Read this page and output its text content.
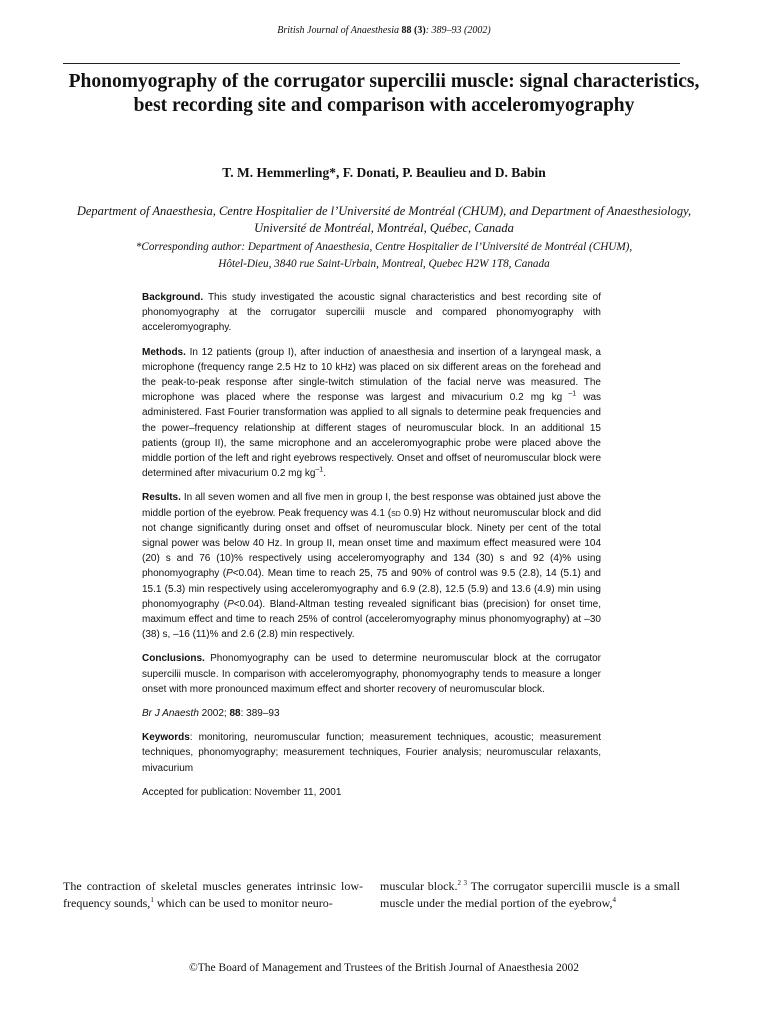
British Journal of Anaesthesia 88 (3): 389–93 (2002)
Phonomyography of the corrugator supercilii muscle: signal characteristics, best recording site and comparison with acceleromyography
T. M. Hemmerling*, F. Donati, P. Beaulieu and D. Babin
Department of Anaesthesia, Centre Hospitalier de l’Université de Montréal (CHUM), and Department of Anaesthesiology, Université de Montréal, Montréal, Québec, Canada
*Corresponding author: Department of Anaesthesia, Centre Hospitalier de l’Université de Montréal (CHUM),
Hôtel-Dieu, 3840 rue Saint-Urbain, Montreal, Quebec H2W 1T8, Canada

Background. This study investigated the acoustic signal characteristics and best recording site of phonomyography at the corrugator supercilii muscle and compared phonomyography with acceleromyography.

Methods. In 12 patients (group I), after induction of anaesthesia and insertion of a laryngeal mask, a microphone (frequency range 2.5 Hz to 10 kHz) was placed on six different areas on the forehead and the peak-to-peak response after single-twitch stimulation of the facial nerve was measured. The microphone was placed where the response was largest and mivacurium 0.2 mg kg $^{-1}$ was administered. Fast Fourier transformation was applied to all signals to determine peak frequencies and the power–frequency relationship at different stages of neuromuscular block. In an additional 15 patients (group II), the same microphone and an acceleromyographic probe were placed above the middle portion of the left and right eyebrows respectively. Onset and offset of neuromuscular block were determined after mivacurium 0.2 mg $kg^{-1}$.

Results. In all seven women and all five men in group I, the best response was obtained just above the middle portion of the eyebrow. Peak frequency was 4.1 (sd 0.9) Hz without neuromuscular block and did not change significantly during onset and offset of neuromuscular block. Ninety per cent of the total signal power was below 40 Hz. In group II, mean onset time and maximum effect measured were 104 (20) s and 76 (10)% respectively using acceleromyography and 134 (30) s and 92 (4)% using phonomyography (P<0.04). Mean time to reach 25, 75 and 90% of control was 9.5 (2.8), 14 (5.1) and 15.1 (5.3) min respectively using acceleromyography and 6.9 (2.8), 12.5 (5.9) and 13.6 (4.9) min using phonomyography (P<0.04). Bland-Altman testing revealed significant bias (precision) for onset time, maximum effect and time to reach 25% of control (acceleromyography minus phonomyography) at –30 (38) s, –16 (11)% and 2.6 (2.8) min respectively.

Conclusions. Phonomyography can be used to determine neuromuscular block at the corrugator supercilii muscle. In comparison with acceleromyography, phonomyography tends to measure a longer onset with more pronounced maximum effect and shorter recovery of neuromuscular block.

Br J Anaesth 2002; 88: 389–93

Keywords: monitoring, neuromuscular function; measurement techniques, acoustic; measurement techniques, phonomyography; measurement techniques, Fourier analysis; neuromuscular relaxants, mivacurium

Accepted for publication: November 11, 2001

The contraction of skeletal muscles generates intrinsic low-frequency sounds,$^1$ which can be used to monitor neuro-
muscular block.$^{2 3}$ The corrugator supercilii muscle is a small muscle under the medial portion of the eyebrow,$^4$
©The Board of Management and Trustees of the British Journal of Anaesthesia 2002
